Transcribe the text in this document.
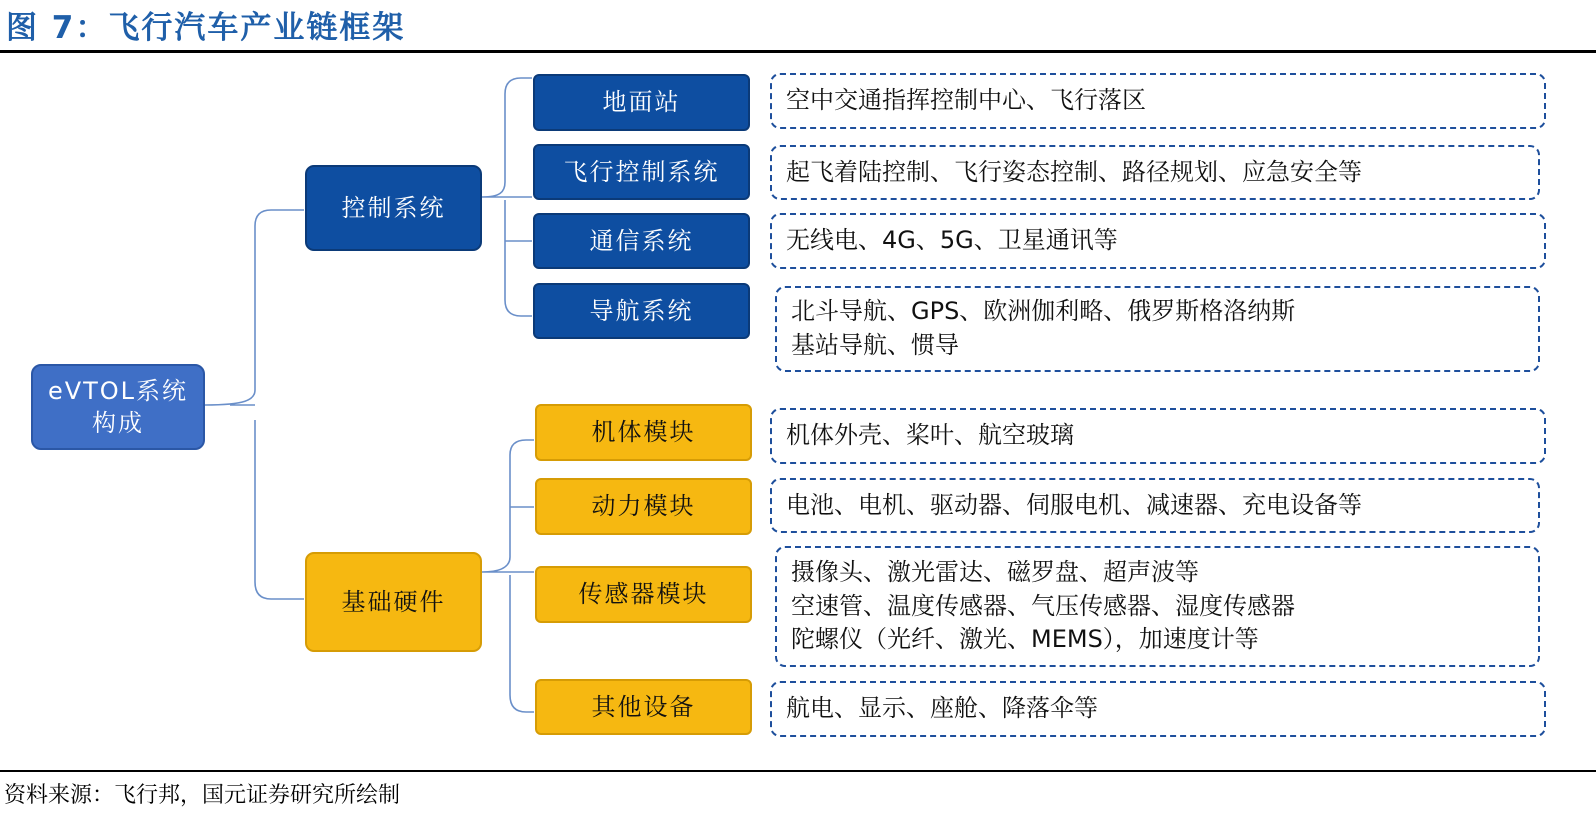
图 7：飞行汽车产业链框架
eVTOL系统
构成
控制系统
基础硬件
地面站
飞行控制系统
通信系统
导航系统
机体模块
动力模块
传感器模块
其他设备
空中交通指挥控制中心、飞行落区
起飞着陆控制、飞行姿态控制、路径规划、应急安全等
无线电、4G、5G、卫星通讯等
北斗导航、GPS、欧洲伽利略、俄罗斯格洛纳斯
基站导航、惯导
机体外壳、桨叶、航空玻璃
电池、电机、驱动器、伺服电机、减速器、充电设备等
摄像头、激光雷达、磁罗盘、超声波等
空速管、温度传感器、气压传感器、湿度传感器
陀螺仪（光纤、激光、MEMS），加速度计等
航电、显示、座舱、降落伞等
资料来源：飞行邦，国元证券研究所绘制
